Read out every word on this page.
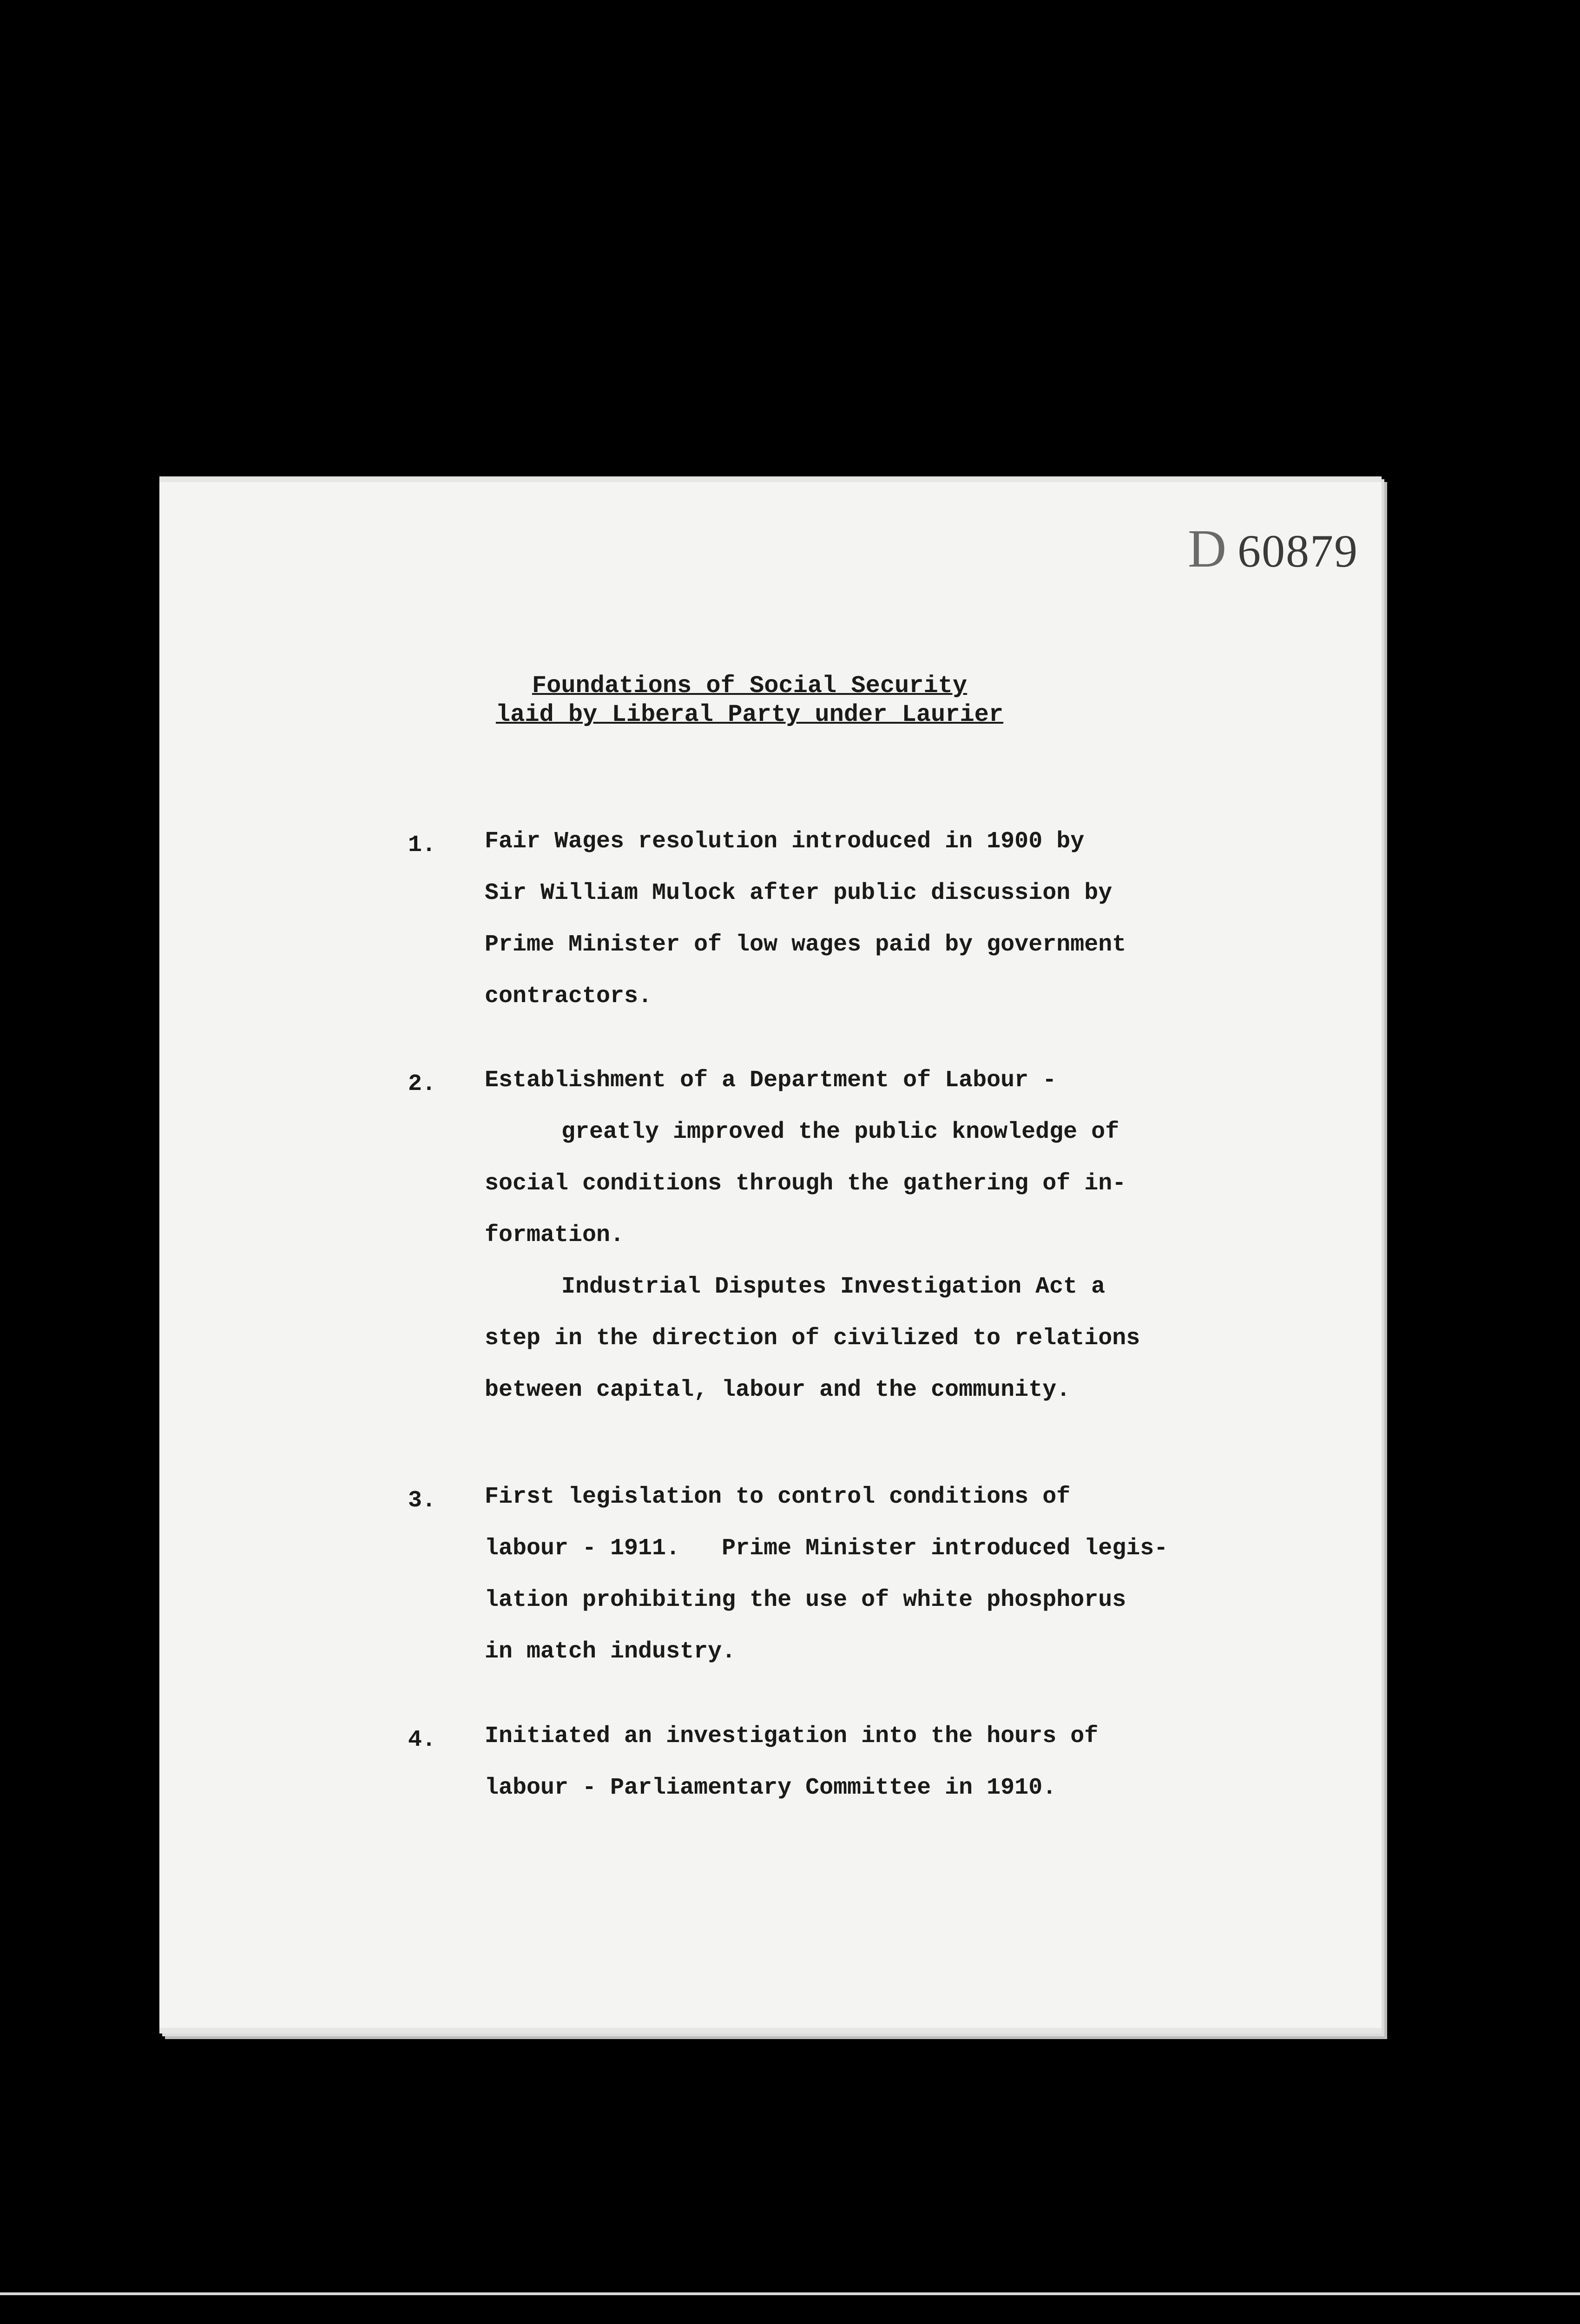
D 60879

Foundations of Social Security

laid by Liberal Party under Laurier

1. Fair Wages resolution introduced in 1900 by

Sir William Mulock after public discussion by

Prime Minister of low wages paid by government

contractors.

2. Establishment of a Department of Labour -

greatly improved the public knowledge of

social conditions through the gathering of in-

formation.

Industrial Disputes Investigation Act a

step in the direction of civilized to relations

between capital, labour and the community.

3. First legislation to control conditions of

labour - 1911.   Prime Minister introduced legis-

lation prohibiting the use of white phosphorus

in match industry.

4. Initiated an investigation into the hours of

labour - Parliamentary Committee in 1910.
